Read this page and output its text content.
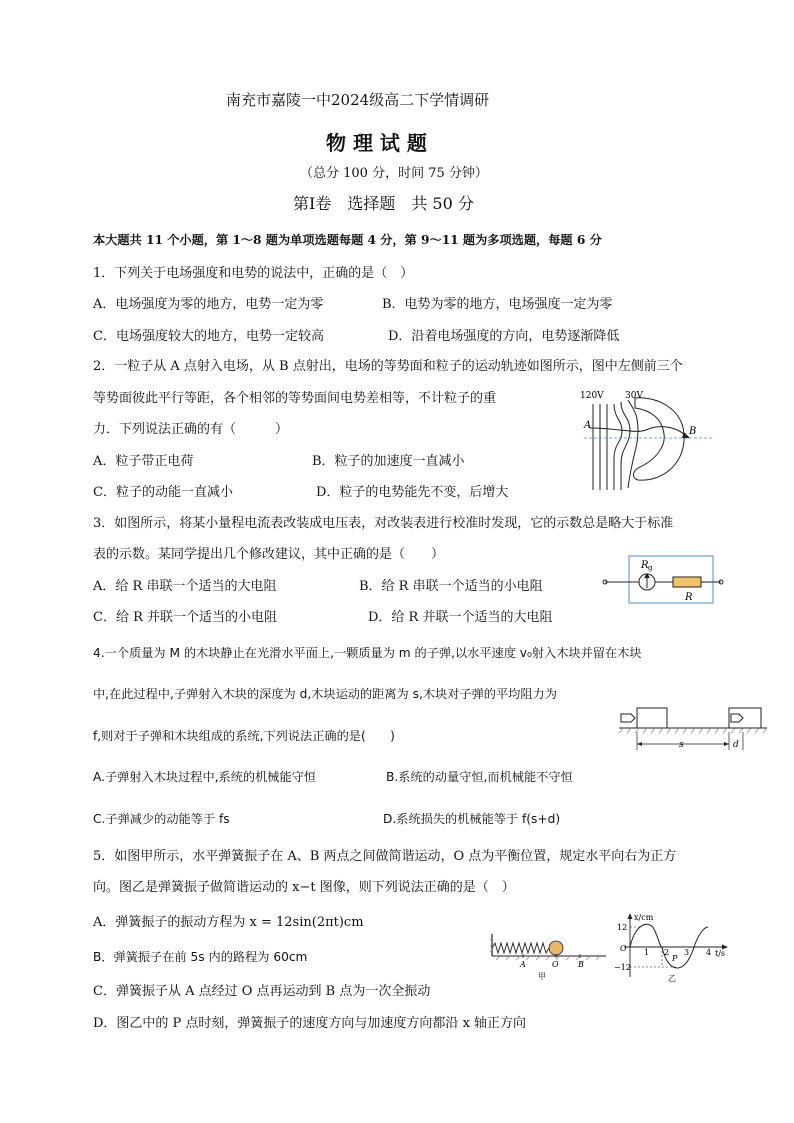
南充市嘉陵一中2024级高二下学情调研
物 理 试 题
（总分 100 分，时间 75 分钟）
第Ⅰ卷　选择题　共 50 分
本大题共 11 个小题，第 1～8 题为单项选题每题 4 分，第 9～11 题为多项选题，每题 6 分
1．下列关于电场强度和电势的说法中，正确的是（　）
A．电场强度为零的地方，电势一定为零	B．电势为零的地方，电场强度一定为零
C．电场强度较大的地方，电势一定较高	D．沿着电场强度的方向，电势逐渐降低
2．一粒子从 A 点射入电场，从 B 点射出，电场的等势面和粒子的运动轨迹如图所示，图中左侧前三个
等势面彼此平行等距，各个相邻的等势面间电势差相等，不计粒子的重
力．下列说法正确的有（　　　）
A．粒子带正电荷	B．粒子的加速度一直减小
C．粒子的动能一直减小	D．粒子的电势能先不变，后增大
120V 30V
A
B
3．如图所示，将某小量程电流表改装成电压表，对改装表进行校准时发现，它的示数总是略大于标准
表的示数。某同学提出几个修改建议，其中正确的是（　　）
A．给 R 串联一个适当的大电阻	B．给 R 串联一个适当的小电阻
C．给 R 并联一个适当的小电阻	D．给 R 并联一个适当的大电阻
R g
R
4.一个质量为 M 的木块静止在光滑水平面上,一颗质量为 m 的子弹,以水平速度 v₀射入木块并留在木块
中,在此过程中,子弹射入木块的深度为 d,木块运动的距离为 s,木块对子弹的平均阻力为
f,则对于子弹和木块组成的系统,下列说法正确的是(　　)
A.子弹射入木块过程中,系统的机械能守恒	B.系统的动量守恒,而机械能不守恒
C.子弹减少的动能等于 fs	D.系统损失的机械能等于 f(s+d)
s	d
5．如图甲所示，水平弹簧振子在 A、B 两点之间做简谐运动，O 点为平衡位置，规定水平向右为正方
向。图乙是弹簧振子做简谐运动的 x−t 图像，则下列说法正确的是（　）
A．弹簧振子的振动方程为 x = 12sin(2πt)cm
B．弹簧振子在前 5s 内的路程为 60cm
C．弹簧振子从 A 点经过 O 点再运动到 B 点为一次全振动
D．图乙中的 P 点时刻，弹簧振子的速度方向与加速度方向都沿 x 轴正方向
A	O B
甲
x/cm
t/s
12
−12
O 1 2 3 4
P
乙
